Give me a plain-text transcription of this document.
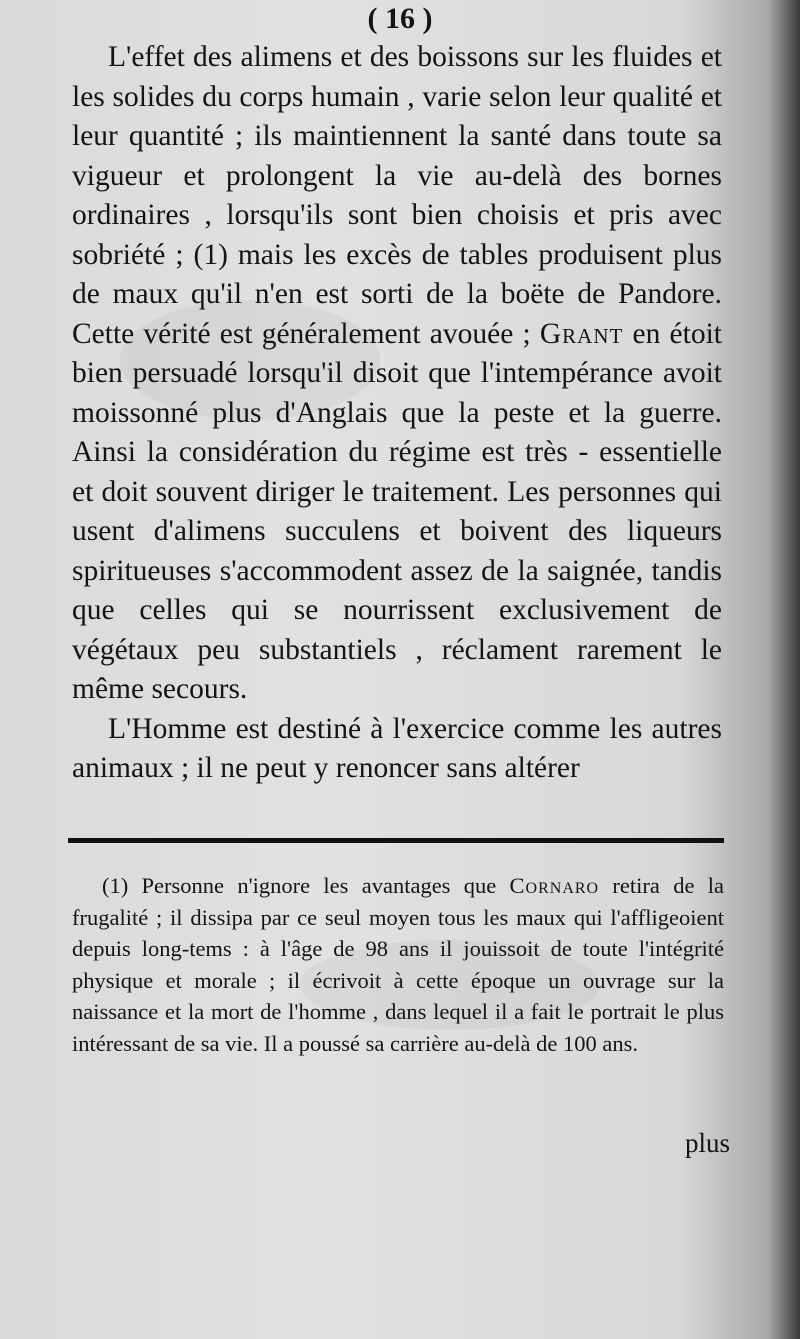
( 16 )

L'effet des alimens et des boissons sur les fluides et les solides du corps humain , varie selon leur qualité et leur quantité ; ils maintiennent la santé dans toute sa vigueur et prolongent la vie au-delà des bornes ordinaires , lorsqu'ils sont bien choisis et pris avec sobriété ; (1) mais les excès de tables produisent plus de maux qu'il n'en est sorti de la boëte de Pandore. Cette vérité est généralement avouée ; Grant en étoit bien persuadé lorsqu'il disoit que l'intempérance avoit moissonné plus d'Anglais que la peste et la guerre. Ainsi la considération du régime est très - essentielle et doit souvent diriger le traitement. Les personnes qui usent d'alimens succulens et boivent des liqueurs spiritueuses s'accommodent assez de la saignée, tandis que celles qui se nourrissent exclusivement de végétaux peu substantiels , réclament rarement le même secours.

L'Homme est destiné à l'exercice comme les autres animaux ; il ne peut y renoncer sans altérer

(1) Personne n'ignore les avantages que Cornaro retira de la frugalité ; il dissipa par ce seul moyen tous les maux qui l'affligeoient depuis long-tems : à l'âge de 98 ans il jouissoit de toute l'intégrité physique et morale ; il écrivoit à cette époque un ouvrage sur la naissance et la mort de l'homme , dans lequel il a fait le portrait le plus intéressant de sa vie. Il a poussé sa carrière au-delà de 100 ans.

plus
